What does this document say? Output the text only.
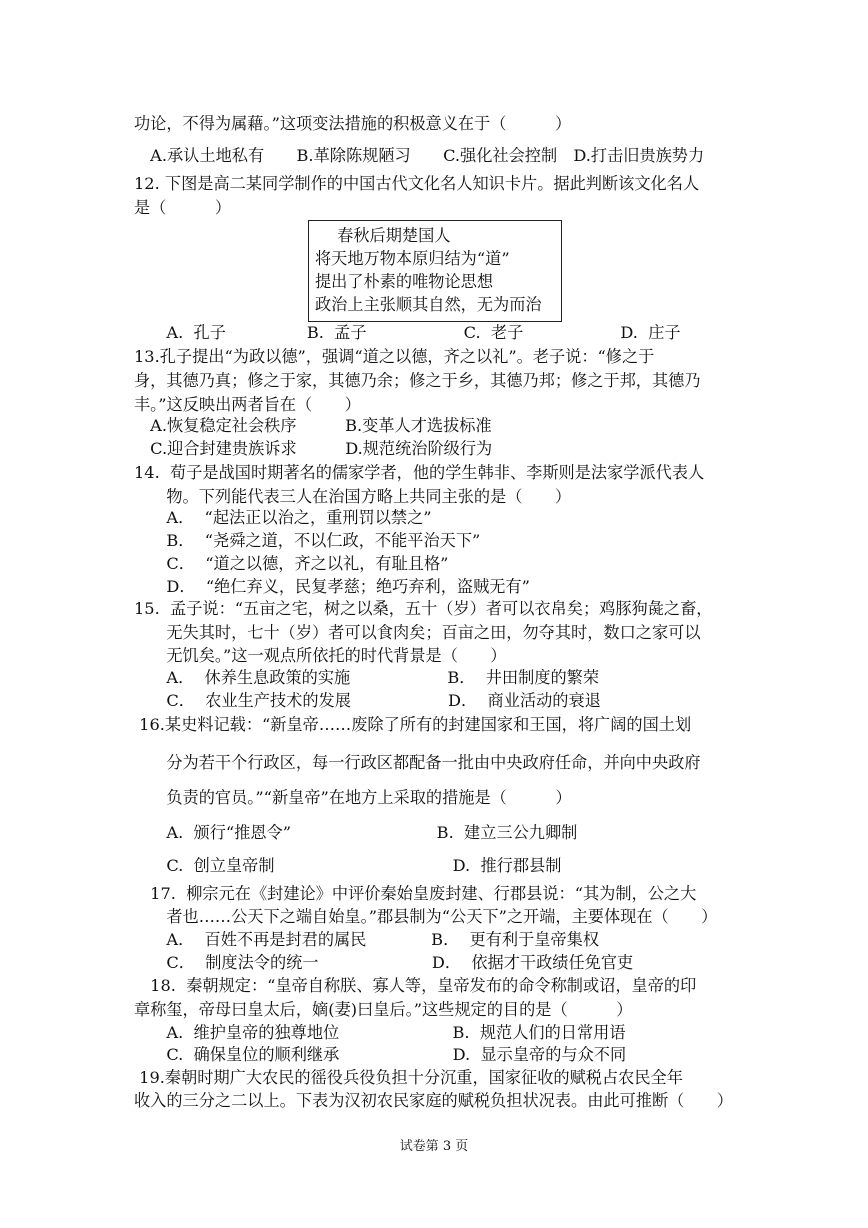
功论，不得为属藉。”这项变法措施的积极意义在于（　　　）
　A.承认土地私有　　B.革除陈规陋习　　C.强化社会控制　D.打击旧贵族势力
12. 下图是高二某同学制作的中国古代文化名人知识卡片。据此判断该文化名人
是（　　　）
　　A.  孔子　　　　　B.  孟子　　　　　　C.  老子　　　　　　D.  庄子
13.孔子提出“为政以德”，强调“道之以德，齐之以礼”。老子说：“修之于
身，其德乃真；修之于家，其德乃余；修之于乡，其德乃邦；修之于邦，其德乃
丰。”这反映出两者旨在（　　）
　A.恢复稳定社会秩序　　　B.变革人才选拔标准
　C.迎合封建贵族诉求　　　D.规范统治阶级行为
14.  荀子是战国时期著名的儒家学者，他的学生韩非、李斯则是法家学派代表人
　　物。下列能代表三人在治国方略上共同主张的是（　　）
　　A．  “起法正以治之，重刑罚以禁之”
　　B．  “尧舜之道，不以仁政，不能平治天下”
　　C．  “道之以德，齐之以礼，有耻且格”
　　D．  “绝仁弃义，民复孝慈；绝巧弃利，盗贼无有”
15.  孟子说：“五亩之宅，树之以桑，五十（岁）者可以衣帛矣；鸡豚狗彘之畜，
　　无失其时，七十（岁）者可以食肉矣；百亩之田，勿夺其时，数口之家可以
　　无饥矣。”这一观点所依托的时代背景是（　　）
　　A．  休养生息政策的实施　　　　　　B．  井田制度的繁荣
　　C．  农业生产技术的发展　　　　　　D．  商业活动的衰退
16.某史料记载：“新皇帝……废除了所有的封建国家和王国，将广阔的国土划
　　分为若干个行政区，每一行政区都配备一批由中央政府任命，并向中央政府
　　负责的官员。”“新皇帝”在地方上采取的措施是（　　　）
　　A.  颁行“推恩令”　　　　　　　　　B.  建立三公九卿制
　　C.  创立皇帝制　　　　　　　　　　　D.  推行郡县制
　17.  柳宗元在《封建论》中评价秦始皇废封建、行郡县说：“其为制，公之大
　　者也……公天下之端自始皇。”郡县制为“公天下”之开端，主要体现在（　　）
　　A．  百姓不再是封君的属民　　　　B．  更有利于皇帝集权
　　C．  制度法令的统一　　　　　　　D．  依据才干政绩任免官吏
　18.  秦朝规定：“皇帝自称朕、寡人等，皇帝发布的命令称制或诏，皇帝的印
章称玺，帝母曰皇太后，嫡(妻)曰皇后。”这些规定的目的是（　　　）
　　A.  维护皇帝的独尊地位　　　　　　　B.  规范人们的日常用语
　　C.  确保皇位的顺利继承　　　　　　　D.  显示皇帝的与众不同
19.秦朝时期广大农民的徭役兵役负担十分沉重，国家征收的赋税占农民全年
收入的三分之二以上。下表为汉初农民家庭的赋税负担状况表。由此可推断（　　）
　春秋后期楚国人
将天地万物本原归结为“道”
提出了朴素的唯物论思想
政治上主张顺其自然，无为而治
试卷第 3 页
